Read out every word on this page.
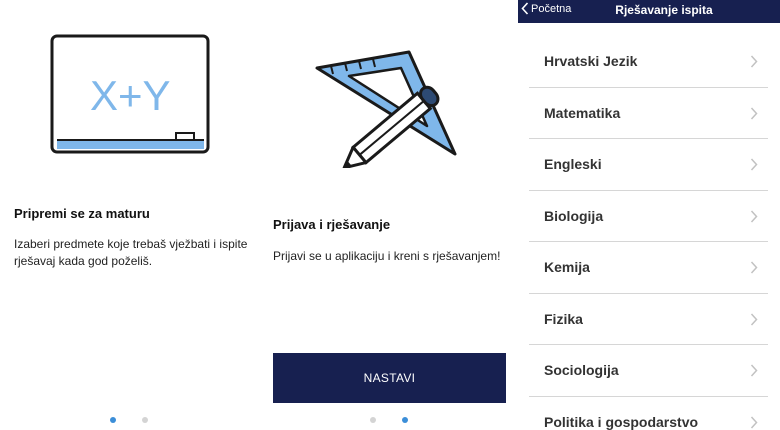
X+Y
Pripremi se za maturu
Izaberi predmete koje trebaš vježbati i ispite rješavaj kada god poželiš.
Prijava i rješavanje
Prijavi se u aplikaciju i kreni s rješavanjem!
NASTAVI
Početna	Rješavanje ispita
Hrvatski Jezik
Matematika
Engleski
Biologija
Kemija
Fizika
Sociologija
Politika i gospodarstvo
